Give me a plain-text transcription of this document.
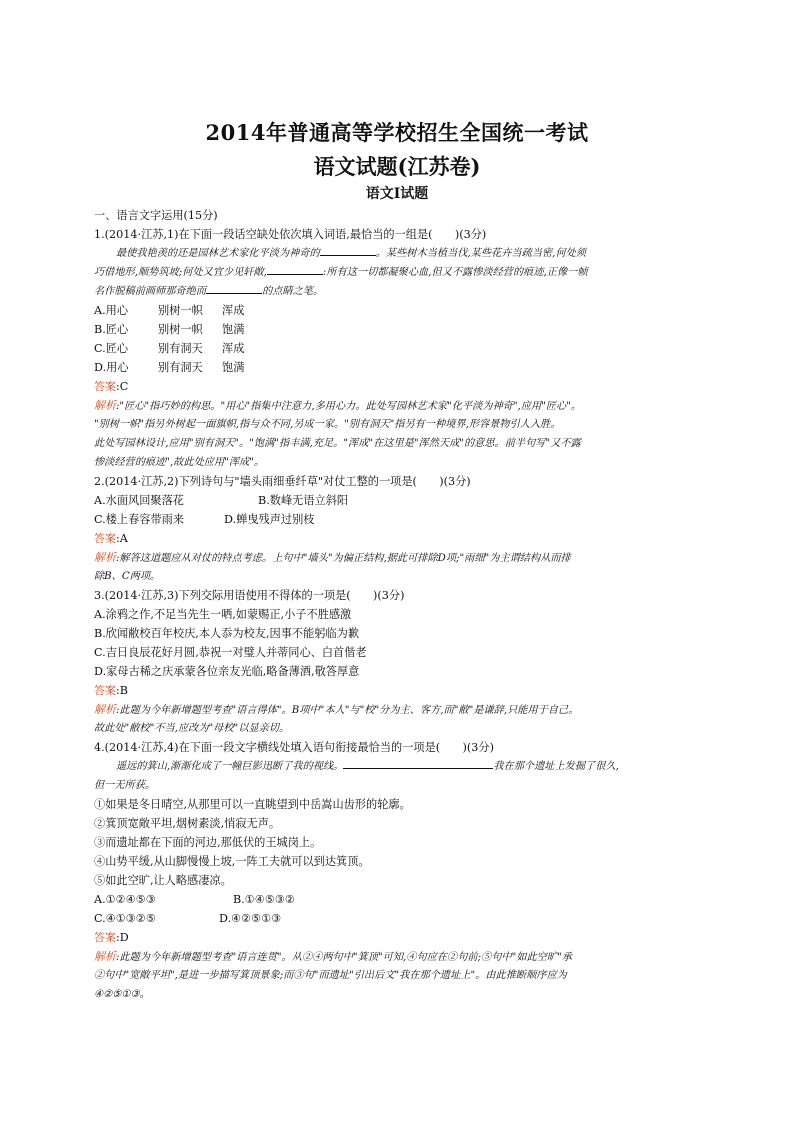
2014年普通高等学校招生全国统一考试
语文试题(江苏卷)
语文Ⅰ试题
一、语言文字运用(15分)
1.(2014·江苏,1)在下面一段话空缺处依次填入词语,最恰当的一组是(　　)(3分)
最使我艳羡的还是园林艺术家化平淡为神奇的	。某些树木当植当伐,某些花卉当疏当密,何处须
巧借地形,顺势筑坡;何处又宜少见轩敞,	:所有这一切都凝聚心血,但又不露惨淡经营的痕迹,正像一帧
名作脱稿前画师那奇绝而	的点睛之笔。
A.用心	别树一帜	浑成
B.匠心	别树一帜	饱满
C.匠心	别有洞天	浑成
D.用心	别有洞天	饱满
答案:C
解析:"匠心"指巧妙的构思。"用心"指集中注意力,多用心力。此处写园林艺术家"化平淡为神奇",应用"匠心"。
"别树一帜"指另外树起一面旗帜,指与众不同,另成一家。"别有洞天"指另有一种境界,形容景物引人入胜。
此处写园林设计,应用"别有洞天"。"饱满"指丰满,充足。"浑成"在这里是"浑然天成"的意思。前半句写"又不露
惨淡经营的痕迹",故此处应用"浑成"。
2.(2014·江苏,2)下列诗句与"墙头雨细垂纤草"对仗工整的一项是(　　)(3分)
A.水面风回聚落花	B.数峰无语立斜阳
C.楼上春容带雨来	D.蝉曳残声过别枝
答案:A
解析:解答这道题应从对仗的特点考虑。上句中"墙头"为偏正结构,据此可排除D项;"雨细"为主谓结构从而排
除B、C两项。
3.(2014·江苏,3)下列交际用语使用不得体的一项是(　　)(3分)
A.涂鸦之作,不足当先生一哂,如蒙赐正,小子不胜感激
B.欣闻敝校百年校庆,本人忝为校友,因事不能躬临为歉
C.吉日良辰花好月圆,恭祝一对璧人并蒂同心、白首偕老
D.家母古稀之庆承蒙各位亲友光临,略备薄酒,敬答厚意
答案:B
解析:此题为今年新增题型考查"语言得体"。B项中"本人"与"校"分为主、客方,而"敝"是谦辞,只能用于自己。
故此处"敝校"不当,应改为"母校"以显亲切。
4.(2014·江苏,4)在下面一段文字横线处填入语句衔接最恰当的一项是(　　)(3分)
遥远的箕山,渐渐化成了一幢巨影迅断了我的视线。	我在那个遗址上发掘了很久,
但一无所获。
①如果是冬日晴空,从那里可以一直眺望到中岳嵩山齿形的轮廓。
②箕顶宽敞平坦,烟树素淡,悄寂无声。
③而遗址都在下面的河边,那低伏的王城岗上。
④山势平缓,从山脚慢慢上坡,一阵工夫就可以到达箕顶。
⑤如此空旷,让人略感凄凉。
A.①②④⑤③	B.①④⑤③②
C.④①③②⑤	D.④②⑤①③
答案:D
解析:此题为今年新增题型考查"语言连贯"。从②④两句中"箕顶"可知,④句应在②句前;⑤句中"如此空旷"承
②句中"宽敞平坦",是进一步描写箕顶景象;而③句"而遗址"引出后文"我在那个遗址上"。由此推断顺序应为
④②⑤①③。
